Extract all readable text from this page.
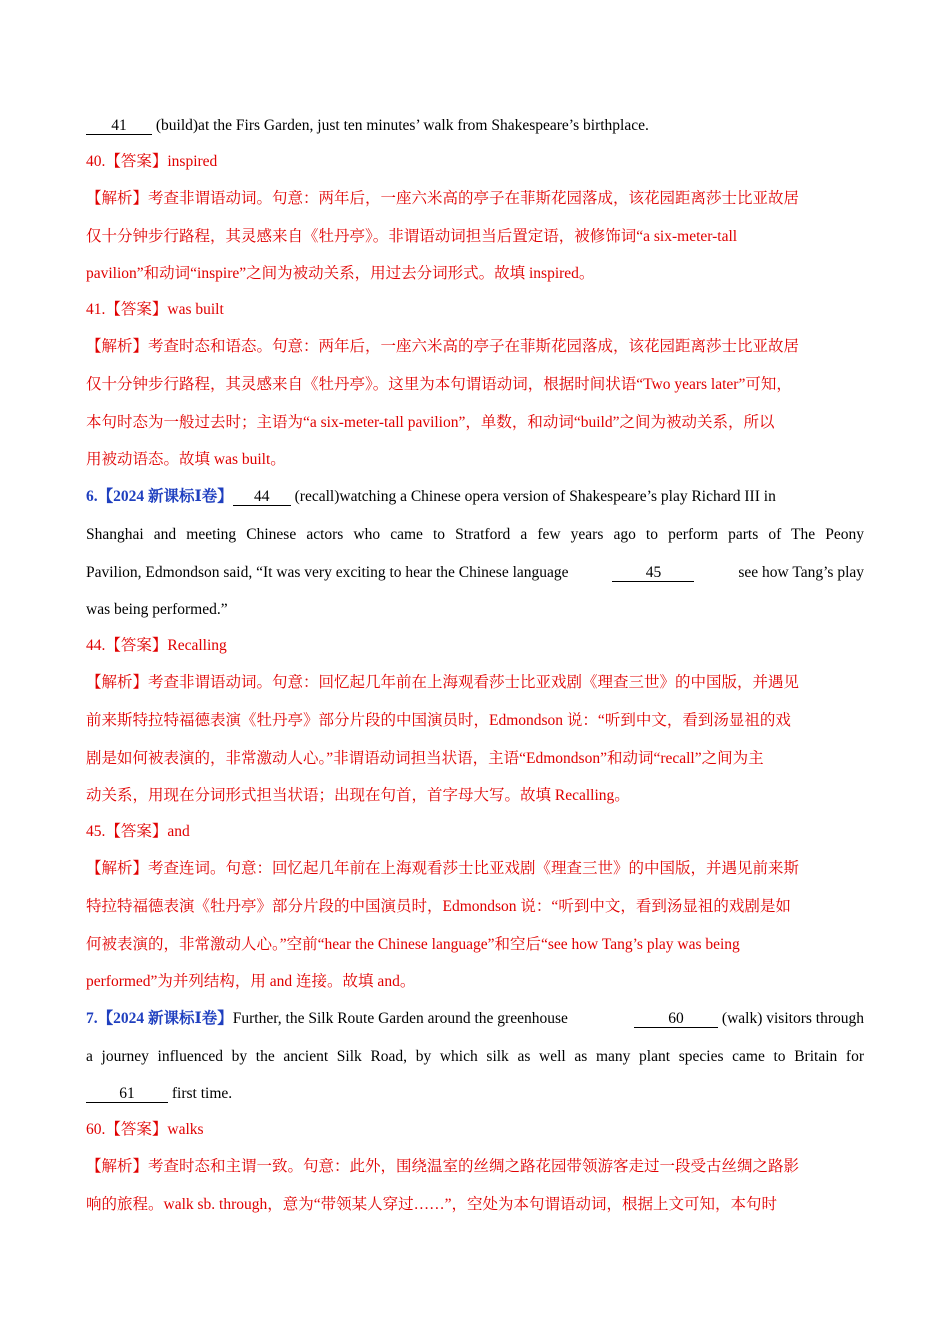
41 (build)at the Firs Garden, just ten minutes’ walk from Shakespeare’s birthplace.
40.【答案】inspired
【解析】考查非谓语动词。句意：两年后，一座六米高的亭子在菲斯花园落成，该花园距离莎士比亚故居
仅十分钟步行路程，其灵感来自《牡丹亭》。非谓语动词担当后置定语，被修饰词“a six-meter-tall
pavilion”和动词“inspire”之间为被动关系，用过去分词形式。故填 inspired。
41.【答案】was built
【解析】考查时态和语态。句意：两年后，一座六米高的亭子在菲斯花园落成，该花园距离莎士比亚故居
仅十分钟步行路程，其灵感来自《牡丹亭》。这里为本句谓语动词，根据时间状语“Two years later”可知，
本句时态为一般过去时；主语为“a six-meter-tall pavilion”，单数，和动词“build”之间为被动关系，所以
用被动语态。故填 was built。
6.【2024 新课标Ⅰ卷】 44 (recall)watching a Chinese opera version of Shakespeare’s play Richard III in
Shanghai and meeting Chinese actors who came to Stratford a few years ago to perform parts of The Peony
Pavilion, Edmondson said, “It was very exciting to hear the Chinese language	45	see how Tang’s play
was being performed.”
44.【答案】Recalling
【解析】考查非谓语动词。句意：回忆起几年前在上海观看莎士比亚戏剧《理查三世》的中国版，并遇见
前来斯特拉特福德表演《牡丹亭》部分片段的中国演员时，Edmondson 说：“听到中文，看到汤显祖的戏
剧是如何被表演的，非常激动人心。”非谓语动词担当状语，主语“Edmondson”和动词“recall”之间为主
动关系，用现在分词形式担当状语；出现在句首，首字母大写。故填 Recalling。
45.【答案】and
【解析】考查连词。句意：回忆起几年前在上海观看莎士比亚戏剧《理查三世》的中国版，并遇见前来斯
特拉特福德表演《牡丹亭》部分片段的中国演员时，Edmondson 说：“听到中文，看到汤显祖的戏剧是如
何被表演的，非常激动人心。”空前“hear the Chinese language”和空后“see how Tang’s play was being
performed”为并列结构，用 and 连接。故填 and。
7.【2024 新课标Ⅰ卷】 Further, the Silk Route Garden around the greenhouse	60	(walk) visitors through
a journey influenced by the ancient Silk Road, by which silk as well as many plant species came to Britain for
61 first time.
60.【答案】walks
【解析】考查时态和主谓一致。句意：此外，围绕温室的丝绸之路花园带领游客走过一段受古丝绸之路影
响的旅程。walk sb. through，意为“带领某人穿过……”，空处为本句谓语动词，根据上文可知，本句时
